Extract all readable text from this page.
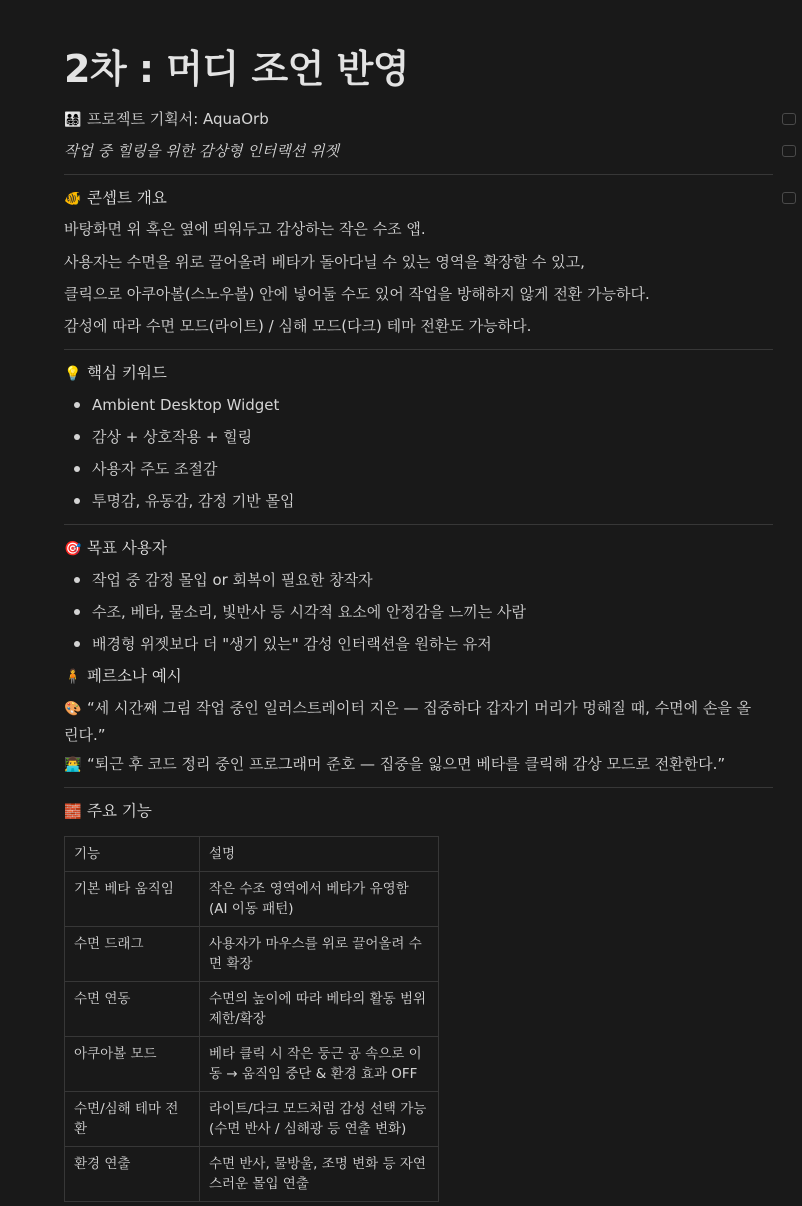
2차 : 머디 조언 반영
👨‍👩‍👧‍👦 프로젝트 기획서: AquaOrb
작업 중 힐링을 위한 감상형 인터랙션 위젯
🐠 콘셉트 개요
바탕화면 위 혹은 옆에 띄워두고 감상하는 작은 수조 앱.
사용자는 수면을 위로 끌어올려 베타가 돌아다닐 수 있는 영역을 확장할 수 있고,
클릭으로 아쿠아볼(스노우볼) 안에 넣어둘 수도 있어 작업을 방해하지 않게 전환 가능하다.
감성에 따라 수면 모드(라이트) / 심해 모드(다크) 테마 전환도 가능하다.
💡 핵심 키워드
Ambient Desktop Widget
감상 + 상호작용 + 힐링
사용자 주도 조절감
투명감, 유동감, 감정 기반 몰입
🎯 목표 사용자
작업 중 감정 몰입 or 회복이 필요한 창작자
수조, 베타, 물소리, 빛반사 등 시각적 요소에 안정감을 느끼는 사람
배경형 위젯보다 더 "생기 있는" 감성 인터랙션을 원하는 유저
🧍 페르소나 예시
🎨 “세 시간째 그림 작업 중인 일러스트레이터 지은 — 집중하다 갑자기 머리가 멍해질 때, 수면에 손을 올린다.”
👨‍💻 “퇴근 후 코드 정리 중인 프로그래머 준호 — 집중을 잃으면 베타를 클릭해 감상 모드로 전환한다.”
🧱 주요 기능
기능	설명
기본 베타 움직임	작은 수조 영역에서 베타가 유영함 (AI 이동 패턴)
수면 드래그	사용자가 마우스를 위로 끌어올려 수면 확장
수면 연동	수면의 높이에 따라 베타의 활동 범위 제한/확장
아쿠아볼 모드	베타 클릭 시 작은 둥근 공 속으로 이동 → 움직임 중단 & 환경 효과 OFF
수면/심해 테마 전환	라이트/다크 모드처럼 감성 선택 가능 (수면 반사 / 심해광 등 연출 변화)
환경 연출	수면 반사, 물방울, 조명 변화 등 자연스러운 몰입 연출
